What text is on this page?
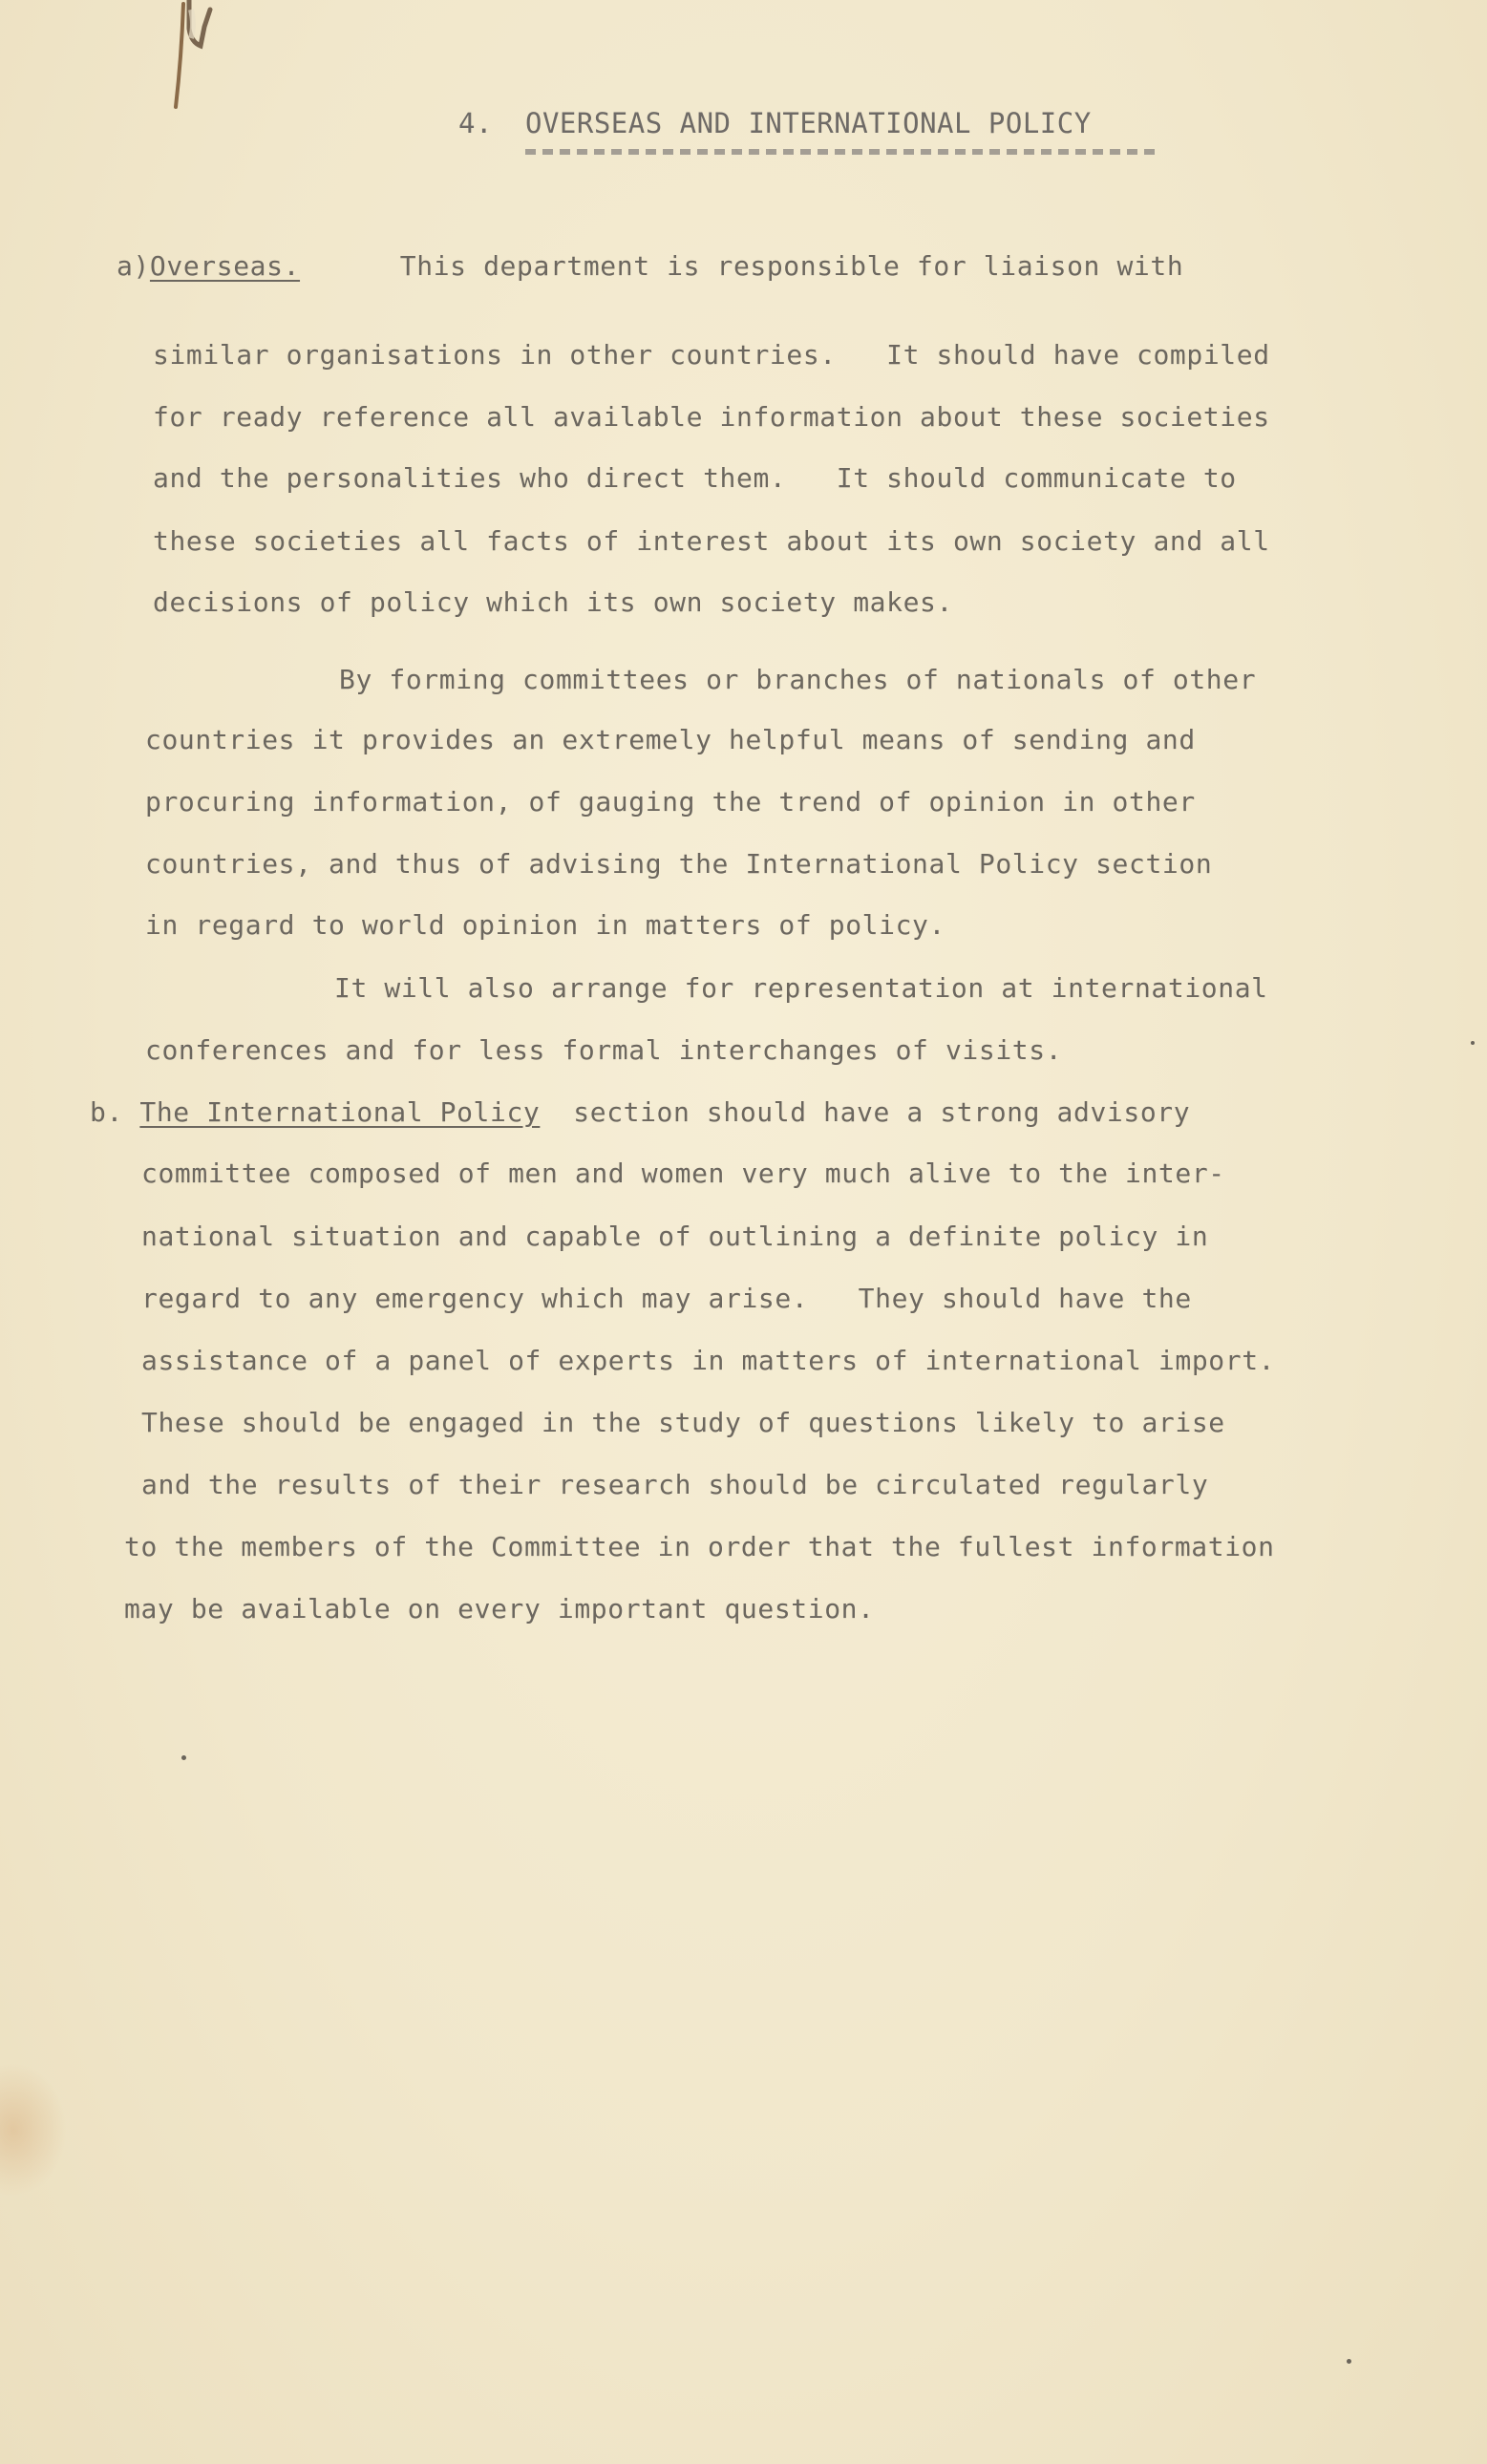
4. OVERSEAS AND INTERNATIONAL POLICY
a)Overseas.      This department is responsible for liaison with
similar organisations in other countries.   It should have compiled
for ready reference all available information about these societies
and the personalities who direct them.   It should communicate to
these societies all facts of interest about its own society and all
decisions of policy which its own society makes.
By forming committees or branches of nationals of other
countries it provides an extremely helpful means of sending and
procuring information, of gauging the trend of opinion in other
countries, and thus of advising the International Policy section
in regard to world opinion in matters of policy.
It will also arrange for representation at international
conferences and for less formal interchanges of visits.
b. The International Policy  section should have a strong advisory
committee composed of men and women very much alive to the inter-
national situation and capable of outlining a definite policy in
regard to any emergency which may arise.   They should have the
assistance of a panel of experts in matters of international import.
These should be engaged in the study of questions likely to arise
and the results of their research should be circulated regularly
to the members of the Committee in order that the fullest information
may be available on every important question.
